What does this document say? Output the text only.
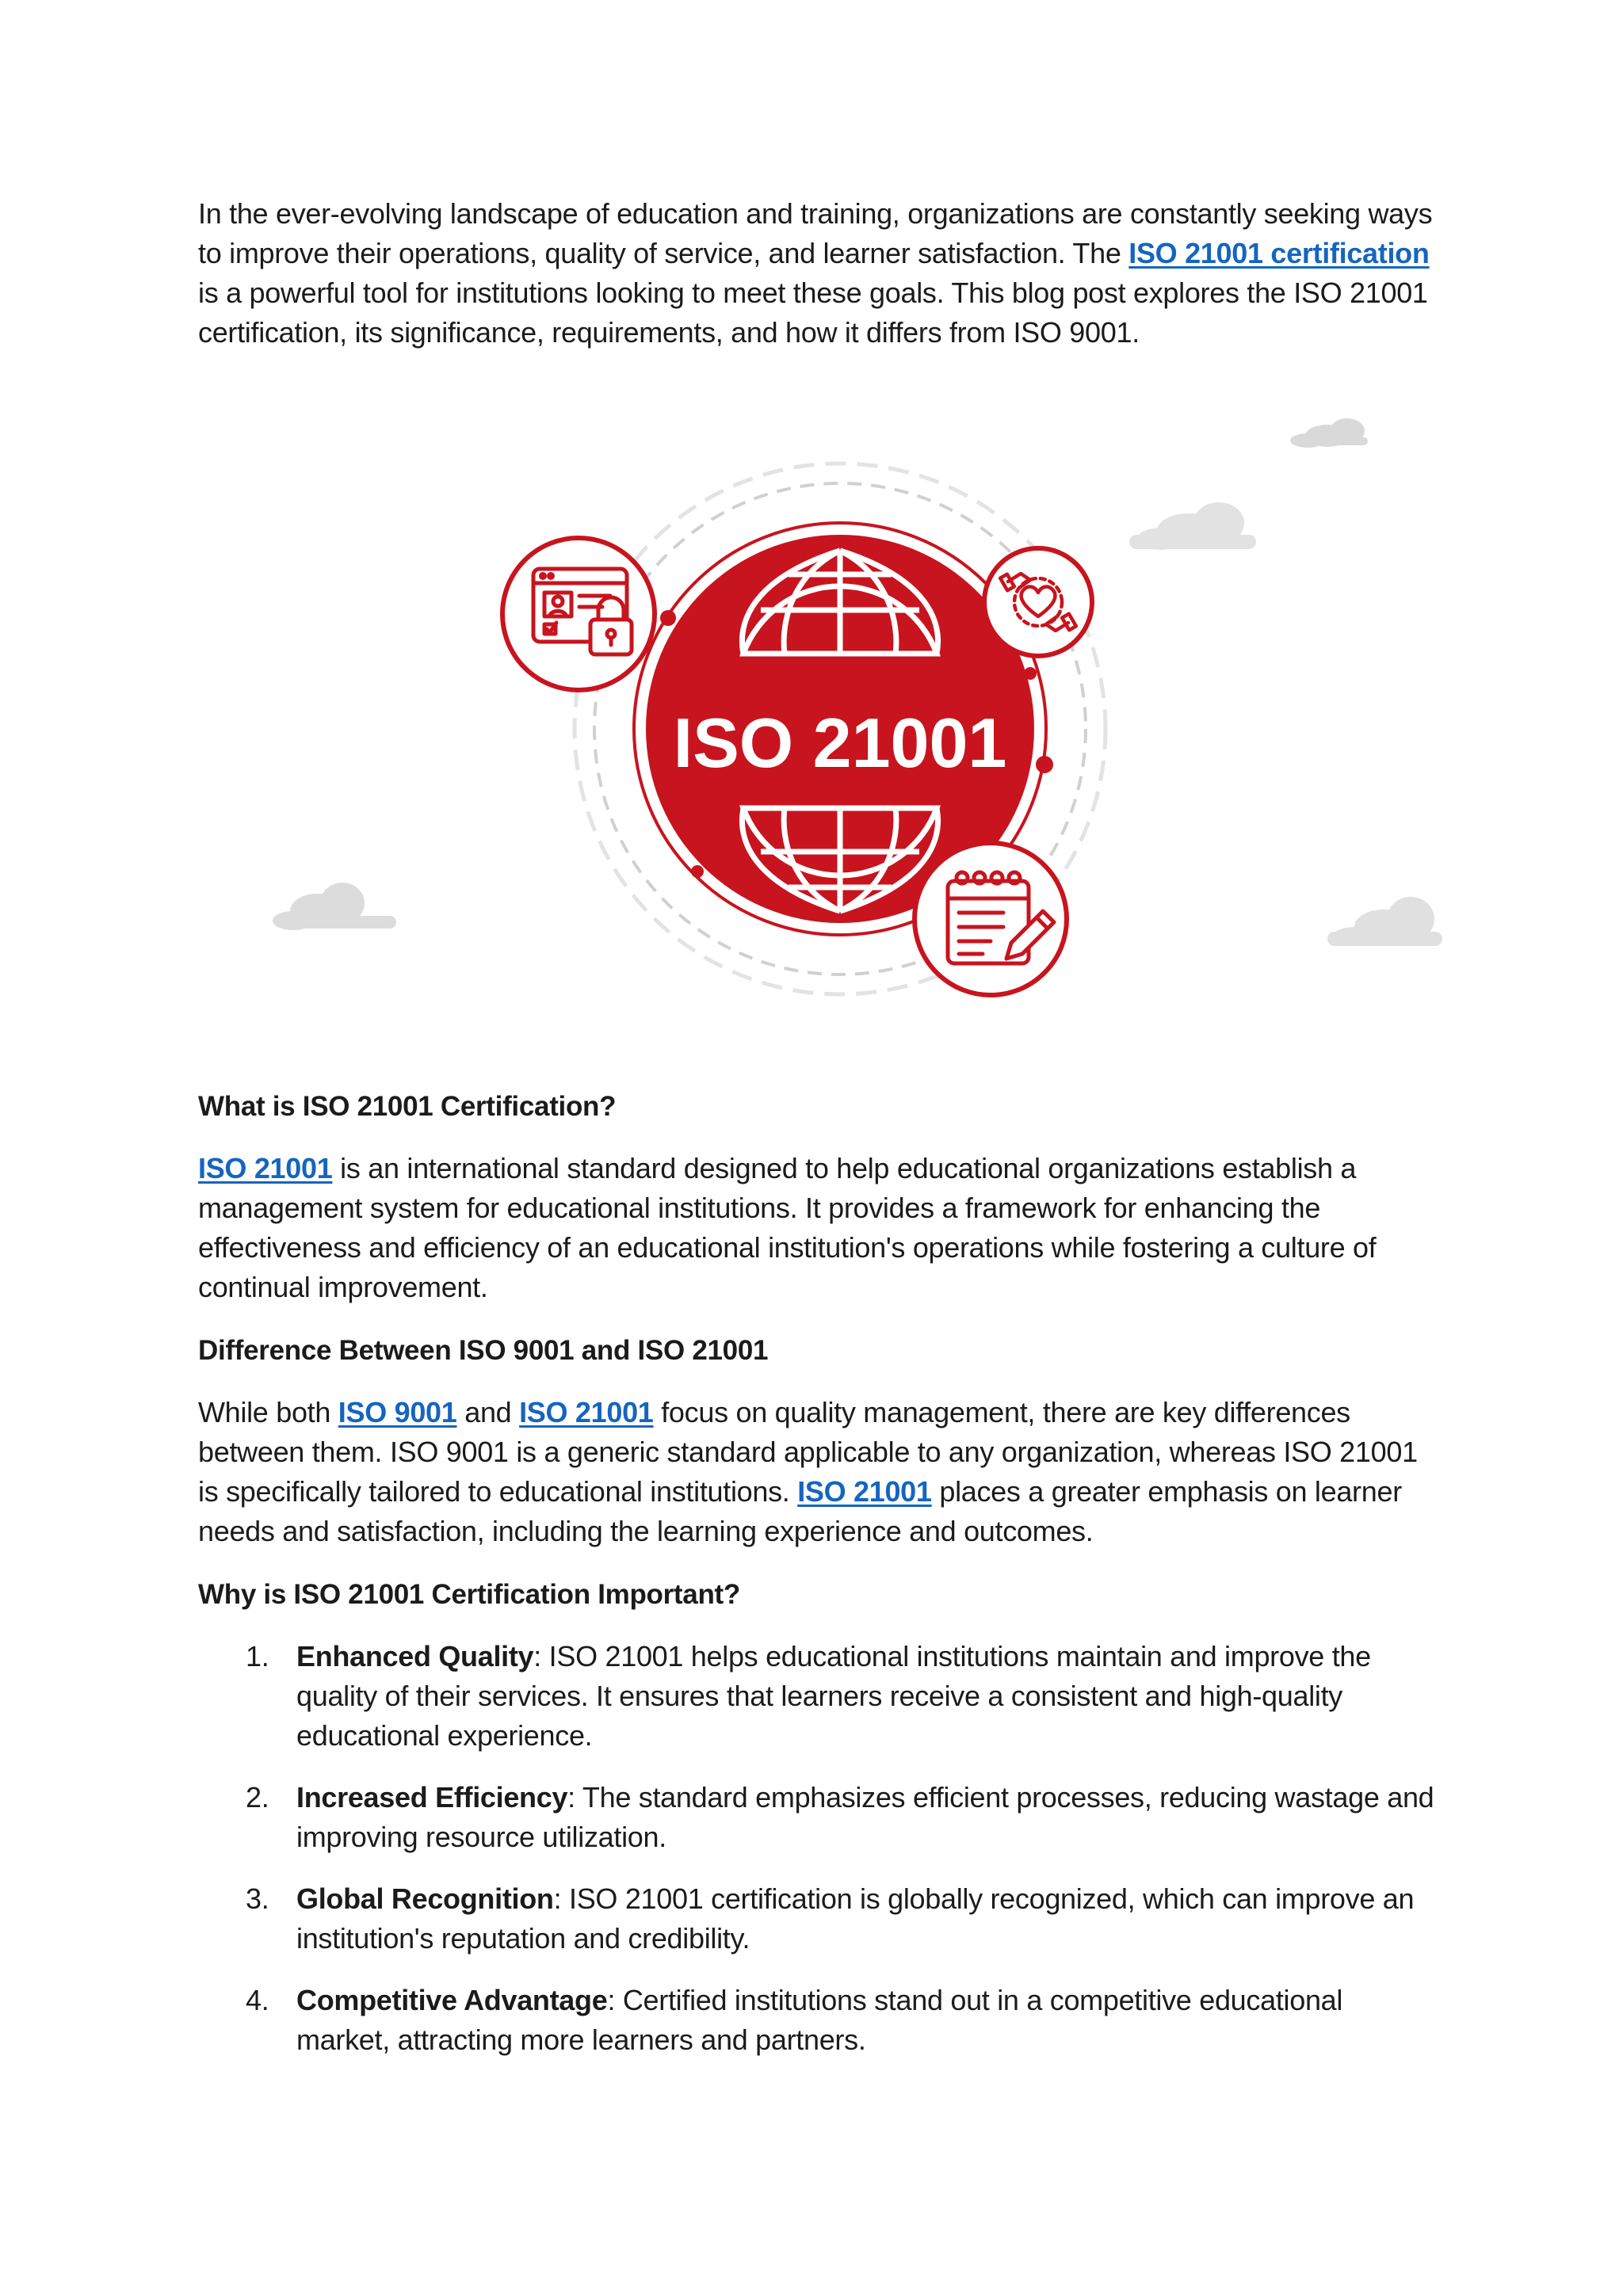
In the ever-evolving landscape of education and training, organizations are constantly seeking ways to improve their operations, quality of service, and learner satisfaction. The ISO 21001 certification is a powerful tool for institutions looking to meet these goals. This blog post explores the ISO 21001 certification, its significance, requirements, and how it differs from ISO 9001.

ISO 21001
What is ISO 21001 Certification?

ISO 21001 is an international standard designed to help educational organizations establish a management system for educational institutions. It provides a framework for enhancing the effectiveness and efficiency of an educational institution's operations while fostering a culture of continual improvement.

Difference Between ISO 9001 and ISO 21001

While both ISO 9001 and ISO 21001 focus on quality management, there are key differences between them. ISO 9001 is a generic standard applicable to any organization, whereas ISO 21001 is specifically tailored to educational institutions. ISO 21001 places a greater emphasis on learner needs and satisfaction, including the learning experience and outcomes.

Why is ISO 21001 Certification Important?
1. Enhanced Quality: ISO 21001 helps educational institutions maintain and improve the quality of their services. It ensures that learners receive a consistent and high-quality educational experience.
2. Increased Efficiency: The standard emphasizes efficient processes, reducing wastage and improving resource utilization.
3. Global Recognition: ISO 21001 certification is globally recognized, which can improve an institution's reputation and credibility.
4. Competitive Advantage: Certified institutions stand out in a competitive educational market, attracting more learners and partners.
